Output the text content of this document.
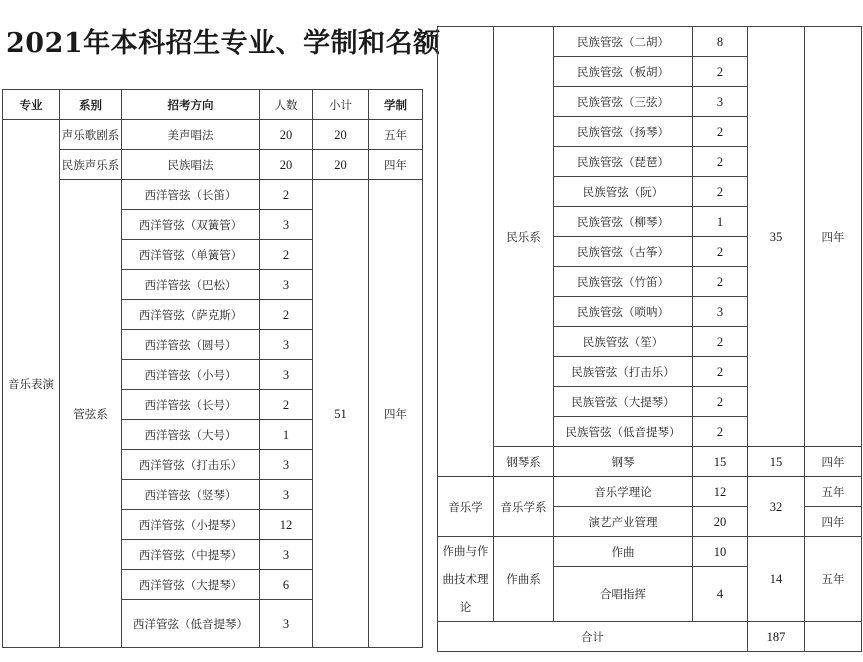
2021年本科招生专业、学制和名额
专业	系别	招考方向	人数	小计	学制
音乐表演	声乐歌剧系	美声唱法	20	20	五年
	民族声乐系	民族唱法	20	20	四年
	管弦系	西洋管弦（长笛）	2	51	四年
		西洋管弦（双簧管）	3		
		西洋管弦（单簧管）	2		
		西洋管弦（巴松）	3		
		西洋管弦（萨克斯）	2		
		西洋管弦（圆号）	3		
		西洋管弦（小号）	3		
		西洋管弦（长号）	2		
		西洋管弦（大号）	1		
		西洋管弦（打击乐）	3		
		西洋管弦（竖琴）	3		
		西洋管弦（小提琴）	12		
		西洋管弦（中提琴）	3		
		西洋管弦（大提琴）	6		
		西洋管弦（低音提琴）	3		
	民乐系	民族管弦（二胡）	8	35	四年
		民族管弦（板胡）	2		
		民族管弦（三弦）	3		
		民族管弦（扬琴）	2		
		民族管弦（琵琶）	2		
		民族管弦（阮）	2		
		民族管弦（柳琴）	1		
		民族管弦（古筝）	2		
		民族管弦（竹笛）	2		
		民族管弦（唢呐）	3		
		民族管弦（笙）	2		
		民族管弦（打击乐）	2		
		民族管弦（大提琴）	2		
		民族管弦（低音提琴）	2		
	钢琴系	钢琴	15	15	四年
音乐学	音乐学系	音乐学理论	12	32	五年
		演艺产业管理	20		四年

作曲与作
曲技术理
论	作曲系	作曲	10	14	五年
		合唱指挥	4		
合计				187	
